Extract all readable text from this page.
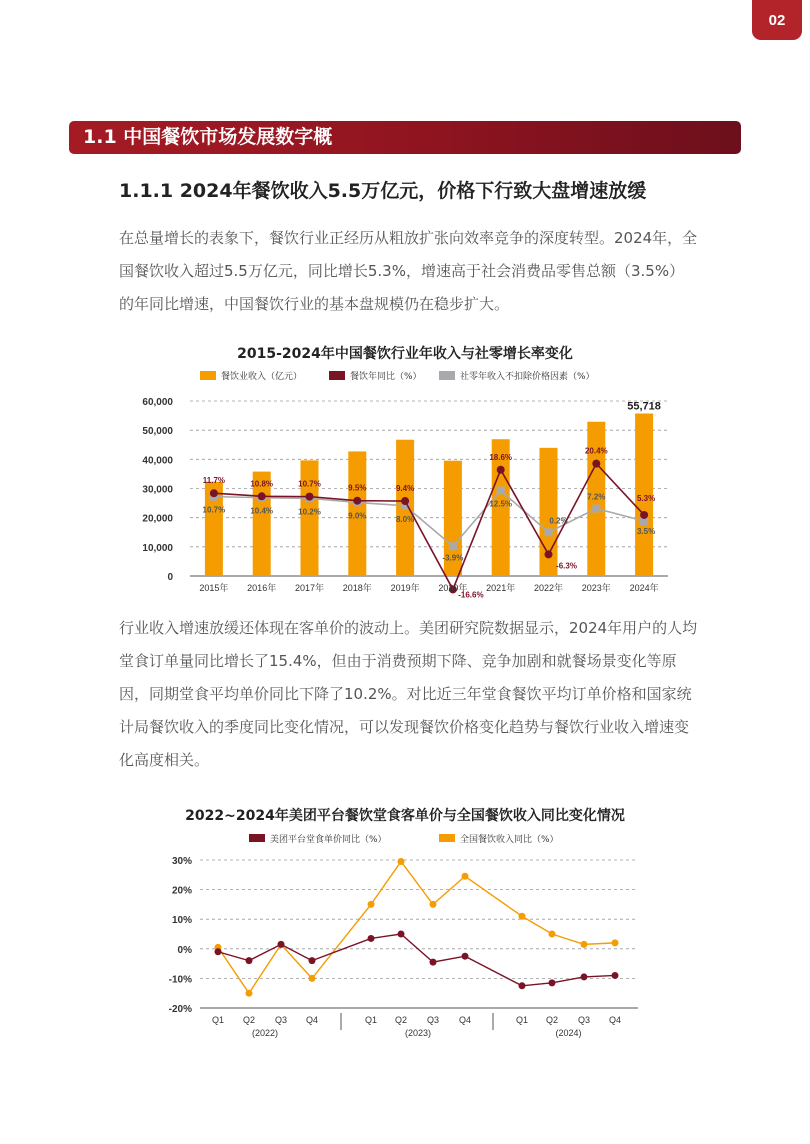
02
1.1 中国餐饮市场发展数字概
1.1.1 2024年餐饮收入5.5万亿元，价格下行致大盘增速放缓

在总量增长的表象下，餐饮行业正经历从粗放扩张向效率竞争的深度转型。2024年，全国餐饮收入超过5.5万亿元，同比增长5.3%，增速高于社会消费品零售总额（3.5%）的年同比增速，中国餐饮行业的基本盘规模仍在稳步扩大。

2015-2024年中国餐饮行业年收入与社零增长率变化
餐饮业收入（亿元）	餐饮年同比（%）	社零年收入不扣除价格因素（%）
0
10,000
20,000
30,000
40,000
50,000
60,000
11.7%	10.8%	10.7%	9.5%	9.4%
-16.6%
18.6%
-6.3%
20.4%
5.3%
10.7%	10.4%	10.2%	9.0%	8.0%
-3.9%
12.5%
0.2%
7.2%
3.5%
55,718
2015年 2016年 2017年 2018年 2019年 2020年 2021年 2022年 2023年 2024年

行业收入增速放缓还体现在客单价的波动上。美团研究院数据显示，2024年用户的人均堂食订单量同比增长了15.4%，但由于消费预期下降、竞争加剧和就餐场景变化等原因，同期堂食平均单价同比下降了10.2%。对比近三年堂食餐饮平均订单价格和国家统计局餐饮收入的季度同比变化情况，可以发现餐饮价格变化趋势与餐饮行业收入增速变化高度相关。

2022~2024年美团平台餐饮堂食客单价与全国餐饮收入同比变化情况
美团平台堂食单价同比（%）	全国餐饮收入同比（%）
-20%
-10%
0%
10%
20%
30%
Q1 Q2 Q3 Q4	Q1 Q2 Q3 Q4	Q1 Q2 Q3 Q4
(2022)	(2023)	(2024)
